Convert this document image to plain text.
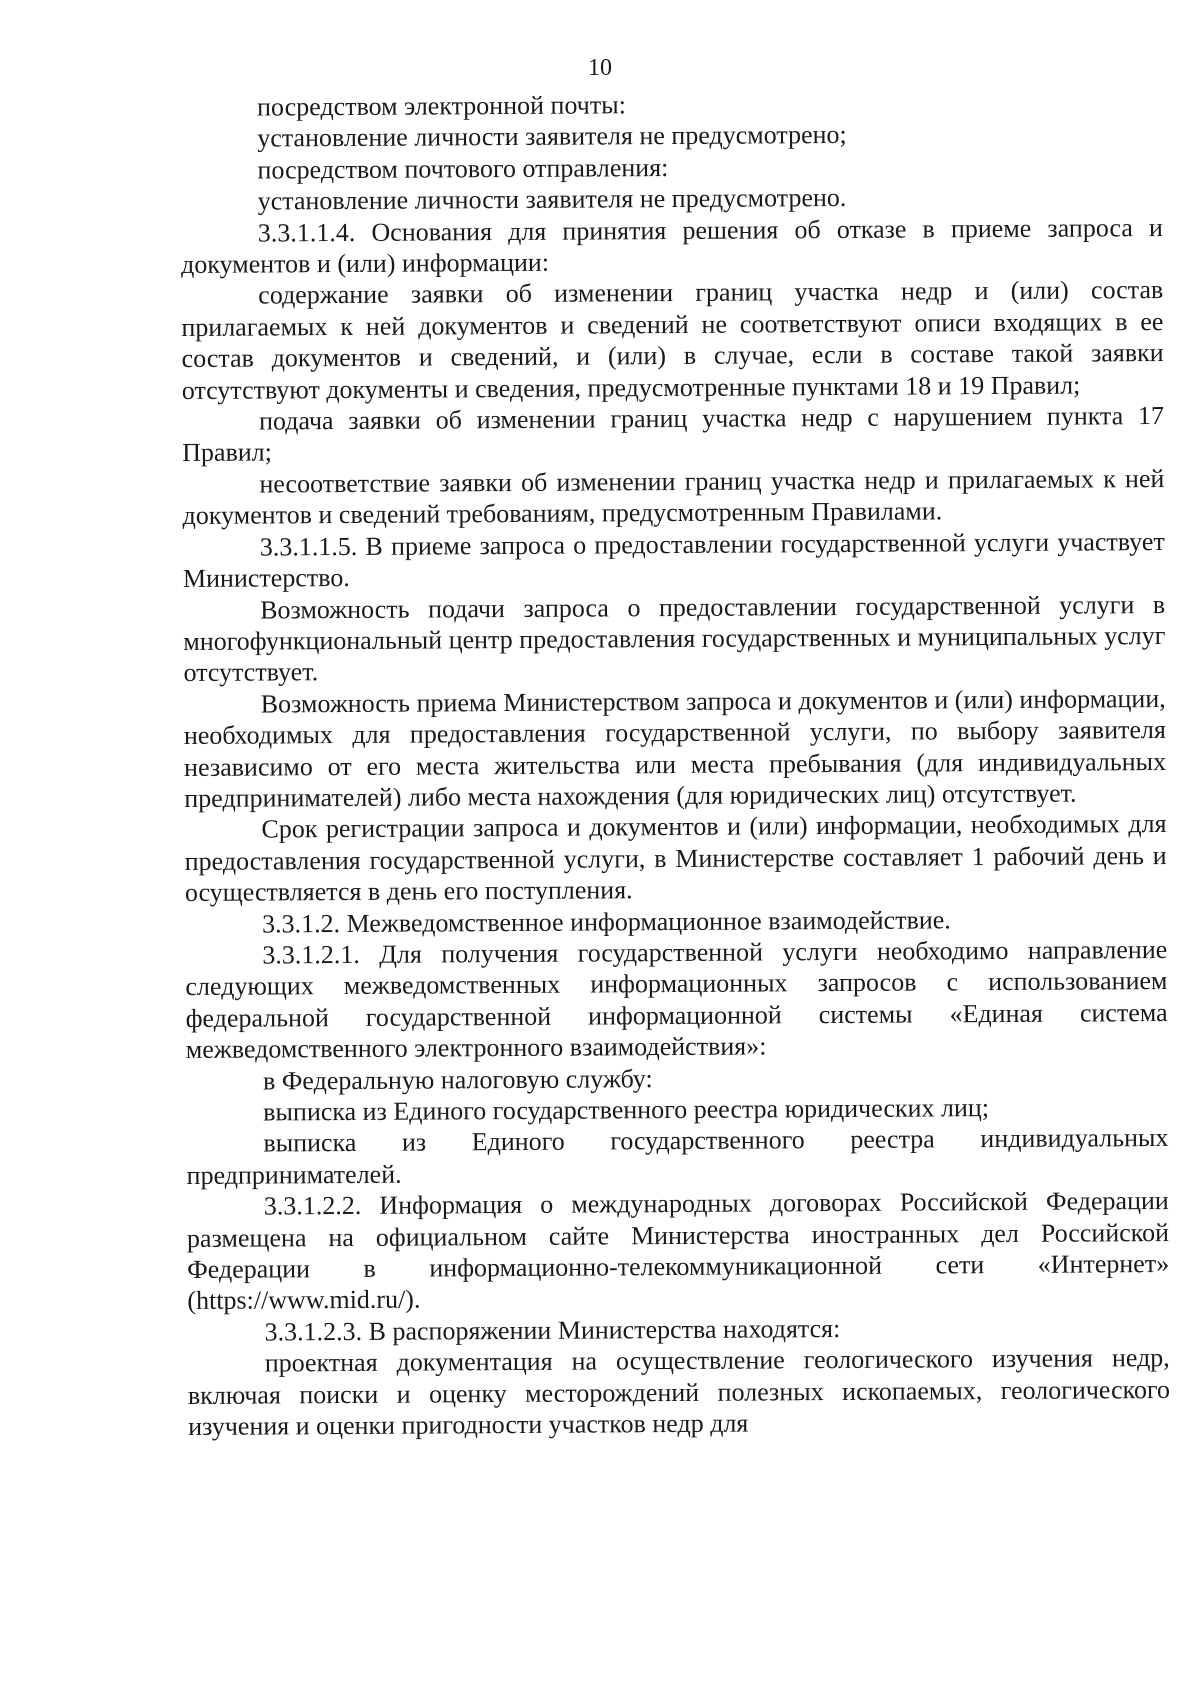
10

посредством электронной почты:

установление личности заявителя не предусмотрено;

посредством почтового отправления:

установление личности заявителя не предусмотрено.

3.3.1.1.4. Основания для принятия решения об отказе в приеме запроса и документов и (или) информации:

содержание заявки об изменении границ участка недр и (или) состав прилагаемых к ней документов и сведений не соответствуют описи входящих в ее состав документов и сведений, и (или) в случае, если в составе такой заявки отсутствуют документы и сведения, предусмотренные пунктами 18 и 19 Правил;

подача заявки об изменении границ участка недр с нарушением пункта 17 Правил;

несоответствие заявки об изменении границ участка недр и прилагаемых к ней документов и сведений требованиям, предусмотренным Правилами.

3.3.1.1.5. В приеме запроса о предоставлении государственной услуги участвует Министерство.

Возможность подачи запроса о предоставлении государственной услуги в многофункциональный центр предоставления государственных и муниципальных услуг отсутствует.

Возможность приема Министерством запроса и документов и (или) информации, необходимых для предоставления государственной услуги, по выбору заявителя независимо от его места жительства или места пребывания (для индивидуальных предпринимателей) либо места нахождения (для юридических лиц) отсутствует.

Срок регистрации запроса и документов и (или) информации, необходимых для предоставления государственной услуги, в Министерстве составляет 1 рабочий день и осуществляется в день его поступления.

3.3.1.2. Межведомственное информационное взаимодействие.

3.3.1.2.1. Для получения государственной услуги необходимо направление следующих межведомственных информационных запросов с использованием федеральной государственной информационной системы «Единая система межведомственного электронного взаимодействия»:

в Федеральную налоговую службу:

выписка из Единого государственного реестра юридических лиц;

выписка из Единого государственного реестра индивидуальных предпринимателей.

3.3.1.2.2. Информация о международных договорах Российской Федерации размещена на официальном сайте Министерства иностранных дел Российской Федерации в информационно-телекоммуникационной сети «Интернет» (https://www.mid.ru/).

3.3.1.2.3. В распоряжении Министерства находятся:

проектная документация на осуществление геологического изучения недр, включая поиски и оценку месторождений полезных ископаемых, геологического изучения и оценки пригодности участков недр для
